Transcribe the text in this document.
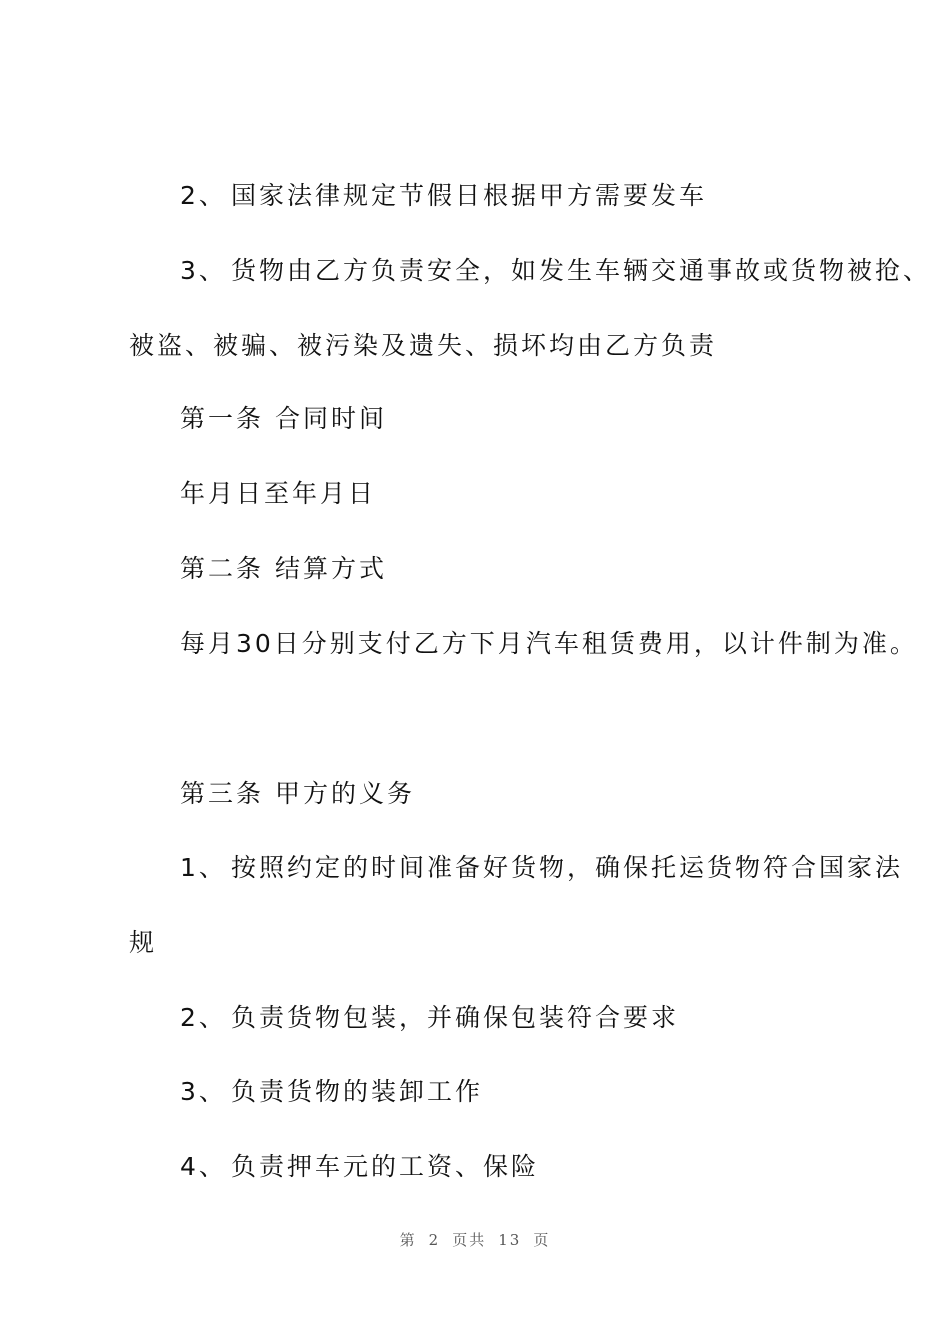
2、 国家法律规定节假日根据甲方需要发车
3、 货物由乙方负责安全，如发生车辆交通事故或货物被抢、
被盗、被骗、被污染及遗失、损坏均由乙方负责
第一条 合同时间
年月日至年月日
第二条 结算方式
每月30日分别支付乙方下月汽车租赁费用，以计件制为准。
第三条 甲方的义务
1、 按照约定的时间准备好货物，确保托运货物符合国家法
规
2、 负责货物包装，并确保包装符合要求
3、 负责货物的装卸工作
4、 负责押车元的工资、保险
第 2 页共 13 页
